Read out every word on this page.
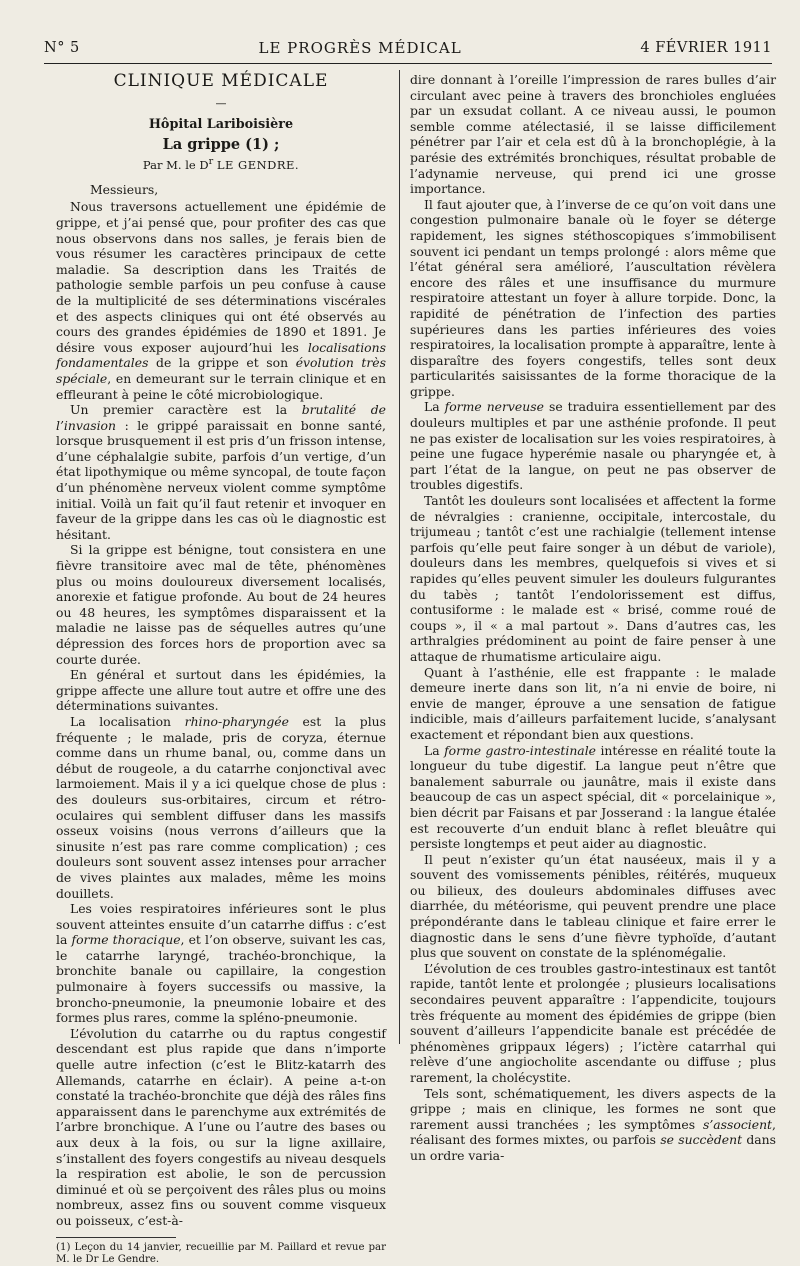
N° 5	LE PROGRÈS MÉDICAL	4 FÉVRIER 1911
CLINIQUE MÉDICALE
—
Hôpital Lariboisière
La grippe (1) ;
Par M. le $D^r$ LE GENDRE.

Messieurs,

Nous traversons actuellement une épidémie de grippe, et j’ai pensé que, pour profiter des cas que nous observons dans nos salles, je ferais bien de vous résumer les caractères principaux de cette maladie. Sa description dans les Traités de pathologie semble parfois un peu confuse à cause de la multiplicité de ses déterminations viscérales et des aspects cliniques qui ont été observés au cours des grandes épidémies de 1890 et 1891. Je désire vous exposer aujourd’hui les localisations fondamentales de la grippe et son évolution très spéciale, en demeurant sur le terrain clinique et en effleurant à peine le côté microbiologique.

Un premier caractère est la brutalité de l’invasion : le grippé paraissait en bonne santé, lorsque brusquement il est pris d’un frisson intense, d’une céphalalgie subite, parfois d’un vertige, d’un état lipothymique ou même syncopal, de toute façon d’un phénomène nerveux violent comme symptôme initial. Voilà un fait qu’il faut retenir et invoquer en faveur de la grippe dans les cas où le diagnostic est hésitant.

Si la grippe est bénigne, tout consistera en une fièvre transitoire avec mal de tête, phénomènes plus ou moins douloureux diversement localisés, anorexie et fatigue profonde. Au bout de 24 heures ou 48 heures, les symptômes disparaissent et la maladie ne laisse pas de séquelles autres qu’une dépression des forces hors de proportion avec sa courte durée.

En général et surtout dans les épidémies, la grippe affecte une allure tout autre et offre une des déterminations suivantes.

La localisation rhino-pharyngée est la plus fréquente ; le malade, pris de coryza, éternue comme dans un rhume banal, ou, comme dans un début de rougeole, a du catarrhe conjonctival avec larmoiement. Mais il y a ici quelque chose de plus : des douleurs sus-orbitaires, circum et rétro-oculaires qui semblent diffuser dans les massifs osseux voisins (nous verrons d’ailleurs que la sinusite n’est pas rare comme complication) ; ces douleurs sont souvent assez intenses pour arracher de vives plaintes aux malades, même les moins douillets.

Les voies respiratoires inférieures sont le plus souvent atteintes ensuite d’un catarrhe diffus : c’est la forme thoracique, et l’on observe, suivant les cas, le catarrhe laryngé, trachéo-bronchique, la bronchite banale ou capillaire, la congestion pulmonaire à foyers successifs ou massive, la broncho-pneumonie, la pneumonie lobaire et des formes plus rares, comme la spléno-pneumonie.

L’évolution du catarrhe ou du raptus congestif descendant est plus rapide que dans n’importe quelle autre infection (c’est le Blitz-katarrh des Allemands, catarrhe en éclair). A peine a-t-on constaté la trachéo-bronchite que déjà des râles fins apparaissent dans le parenchyme aux extrémités de l’arbre bronchique. A l’une ou l’autre des bases ou aux deux à la fois, ou sur la ligne axillaire, s’installent des foyers congestifs au niveau desquels la respiration est abolie, le son de percussion diminué et où se perçoivent des râles plus ou moins nombreux, assez fins ou souvent comme visqueux ou poisseux, c’est-à-

(1) Leçon du 14 janvier, recueillie par M. Paillard et revue par M. le Dr Le Gendre.

dire donnant à l’oreille l’impression de rares bulles d’air circulant avec peine à travers des bronchioles engluées par un exsudat collant. A ce niveau aussi, le poumon semble comme atélectasié, il se laisse difficilement pénétrer par l’air et cela est dû à la bronchoplégie, à la parésie des extrémités bronchiques, résultat probable de l’adynamie nerveuse, qui prend ici une grosse importance.

Il faut ajouter que, à l’inverse de ce qu’on voit dans une congestion pulmonaire banale où le foyer se déterge rapidement, les signes stéthoscopiques s’immobilisent souvent ici pendant un temps prolongé : alors même que l’état général sera amélioré, l’auscultation révèlera encore des râles et une insuffisance du murmure respiratoire attestant un foyer à allure torpide. Donc, la rapidité de pénétration de l’infection des parties supérieures dans les parties inférieures des voies respiratoires, la localisation prompte à apparaître, lente à disparaître des foyers congestifs, telles sont deux particularités saisissantes de la forme thoracique de la grippe.

La forme nerveuse se traduira essentiellement par des douleurs multiples et par une asthénie profonde. Il peut ne pas exister de localisation sur les voies respiratoires, à peine une fugace hyperémie nasale ou pharyngée et, à part l’état de la langue, on peut ne pas observer de troubles digestifs.

Tantôt les douleurs sont localisées et affectent la forme de névralgies : cranienne, occipitale, intercostale, du trijumeau ; tantôt c’est une rachialgie (tellement intense parfois qu’elle peut faire songer à un début de variole), douleurs dans les membres, quelquefois si vives et si rapides qu’elles peuvent simuler les douleurs fulgurantes du tabès ; tantôt l’endolorissement est diffus, contusiforme : le malade est « brisé, comme roué de coups », il « a mal partout ». Dans d’autres cas, les arthralgies prédominent au point de faire penser à une attaque de rhumatisme articulaire aigu.

Quant à l’asthénie, elle est frappante : le malade demeure inerte dans son lit, n’a ni envie de boire, ni envie de manger, éprouve a une sensation de fatigue indicible, mais d’ailleurs parfaitement lucide, s’analysant exactement et répondant bien aux questions.

La forme gastro-intestinale intéresse en réalité toute la longueur du tube digestif. La langue peut n’être que banalement saburrale ou jaunâtre, mais il existe dans beaucoup de cas un aspect spécial, dit « porcelainique », bien décrit par Faisans et par Josserand : la langue étalée est recouverte d’un enduit blanc à reflet bleuâtre qui persiste longtemps et peut aider au diagnostic.

Il peut n’exister qu’un état nauséeux, mais il y a souvent des vomissements pénibles, réitérés, muqueux ou bilieux, des douleurs abdominales diffuses avec diarrhée, du météorisme, qui peuvent prendre une place prépondérante dans le tableau clinique et faire errer le diagnostic dans le sens d’une fièvre typhoïde, d’autant plus que souvent on constate de la splénomégalie.

L’évolution de ces troubles gastro-intestinaux est tantôt rapide, tantôt lente et prolongée ; plusieurs localisations secondaires peuvent apparaître : l’appendicite, toujours très fréquente au moment des épidémies de grippe (bien souvent d’ailleurs l’appendicite banale est précédée de phénomènes grippaux légers) ; l’ictère catarrhal qui relève d’une angiocholite ascendante ou diffuse ; plus rarement, la cholécystite.

Tels sont, schématiquement, les divers aspects de la grippe ; mais en clinique, les formes ne sont que rarement aussi tranchées ; les symptômes s’associent, réalisant des formes mixtes, ou parfois se succèdent dans un ordre varia-
